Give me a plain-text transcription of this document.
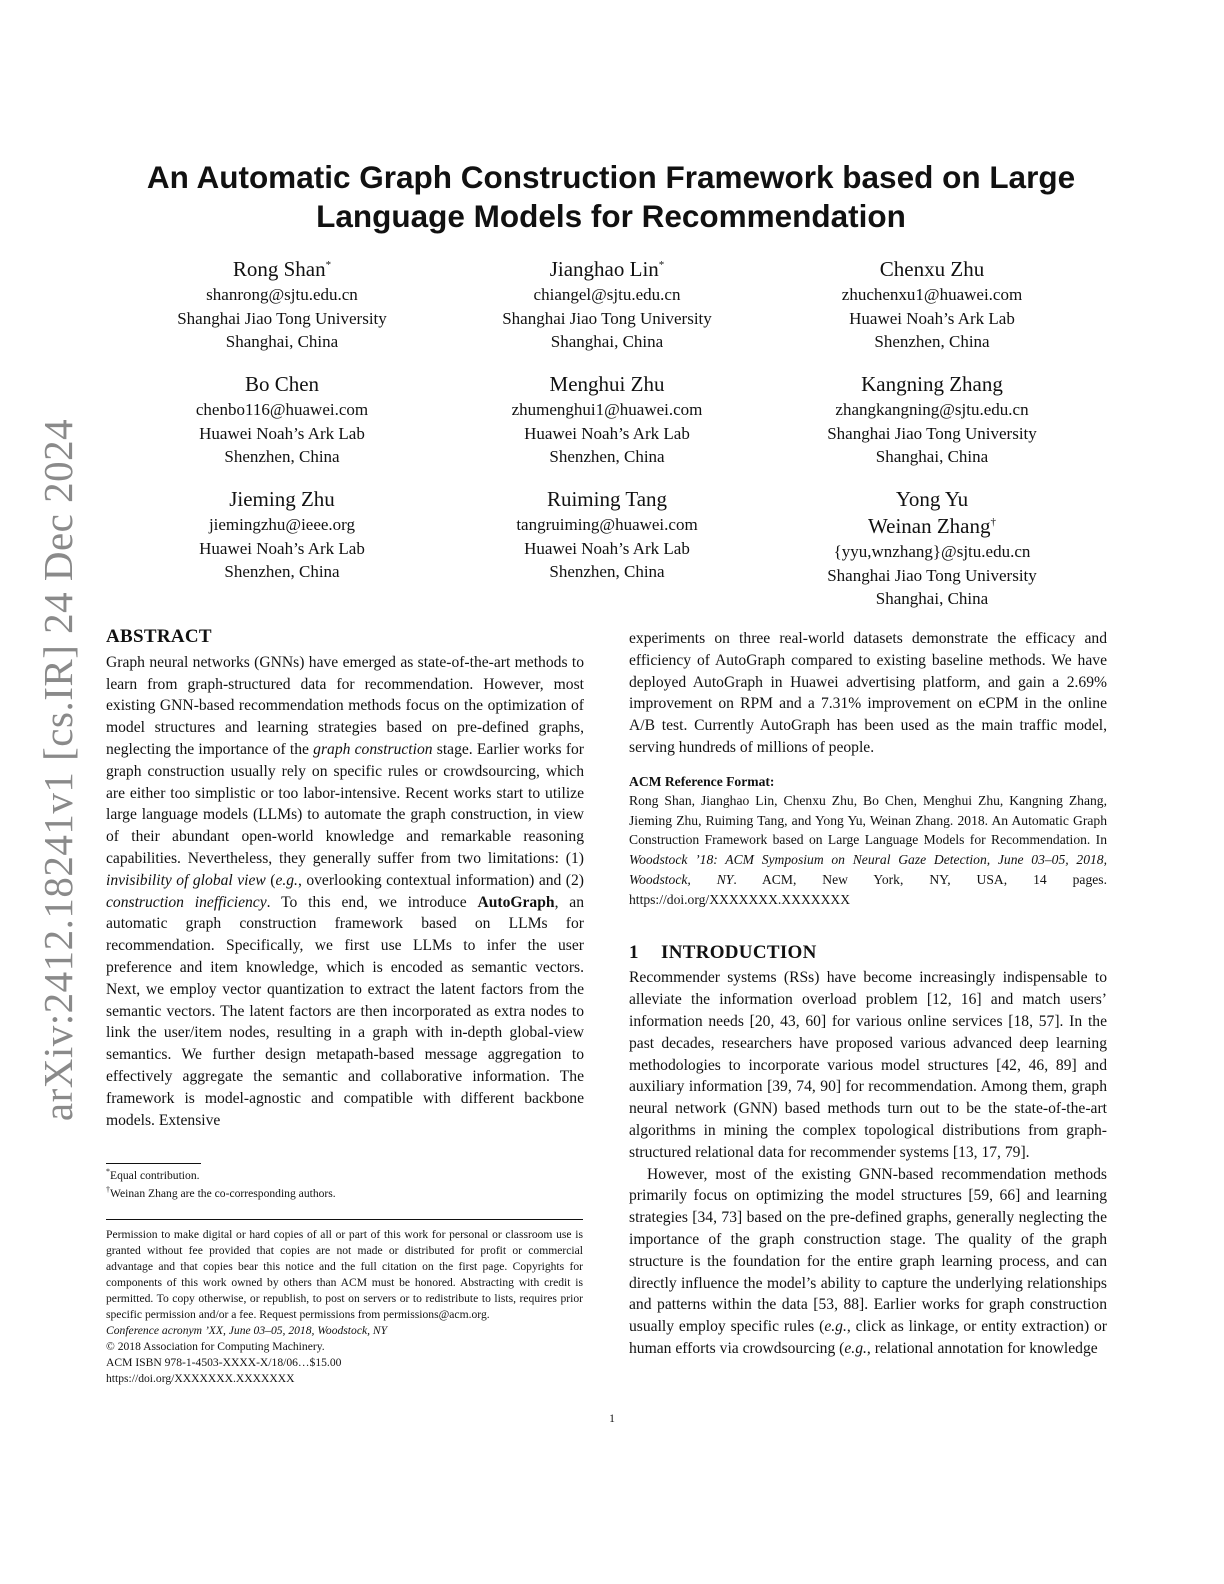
arXiv:2412.18241v1 [cs.IR] 24 Dec 2024
An Automatic Graph Construction Framework based on Large Language Models for Recommendation
Rong Shan*
shanrong@sjtu.edu.cn
Shanghai Jiao Tong University
Shanghai, China
Jianghao Lin*
chiangel@sjtu.edu.cn
Shanghai Jiao Tong University
Shanghai, China
Chenxu Zhu
zhuchenxu1@huawei.com
Huawei Noah’s Ark Lab
Shenzhen, China
Bo Chen
chenbo116@huawei.com
Huawei Noah’s Ark Lab
Shenzhen, China
Menghui Zhu
zhumenghui1@huawei.com
Huawei Noah’s Ark Lab
Shenzhen, China
Kangning Zhang
zhangkangning@sjtu.edu.cn
Shanghai Jiao Tong University
Shanghai, China
Jieming Zhu
jiemingzhu@ieee.org
Huawei Noah’s Ark Lab
Shenzhen, China
Ruiming Tang
tangruiming@huawei.com
Huawei Noah’s Ark Lab
Shenzhen, China
Yong Yu
Weinan Zhang†
{yyu,wnzhang}@sjtu.edu.cn
Shanghai Jiao Tong University
Shanghai, China
ABSTRACT

Graph neural networks (GNNs) have emerged as state-of-the-art methods to learn from graph-structured data for recommendation. However, most existing GNN-based recommendation methods focus on the optimization of model structures and learning strategies based on pre-defined graphs, neglecting the importance of the graph construction stage. Earlier works for graph construction usually rely on specific rules or crowdsourcing, which are either too simplistic or too labor-intensive. Recent works start to utilize large language models (LLMs) to automate the graph construction, in view of their abundant open-world knowledge and remarkable reasoning capabilities. Nevertheless, they generally suffer from two limitations: (1) invisibility of global view (e.g., overlooking contextual information) and (2) construction inefficiency. To this end, we introduce AutoGraph, an automatic graph construction framework based on LLMs for recommendation. Specifically, we first use LLMs to infer the user preference and item knowledge, which is encoded as semantic vectors. Next, we employ vector quantization to extract the latent factors from the semantic vectors. The latent factors are then incorporated as extra nodes to link the user/item nodes, resulting in a graph with in-depth global-view semantics. We further design metapath-based message aggregation to effectively aggregate the semantic and collaborative information. The framework is model-agnostic and compatible with different backbone models. Extensive

*Equal contribution.
†Weinan Zhang are the co-corresponding authors.

Permission to make digital or hard copies of all or part of this work for personal or classroom use is granted without fee provided that copies are not made or distributed for profit or commercial advantage and that copies bear this notice and the full citation on the first page. Copyrights for components of this work owned by others than ACM must be honored. Abstracting with credit is permitted. To copy otherwise, or republish, to post on servers or to redistribute to lists, requires prior specific permission and/or a fee. Request permissions from permissions@acm.org.

Conference acronym ’XX, June 03–05, 2018, Woodstock, NY

© 2018 Association for Computing Machinery.

ACM ISBN 978-1-4503-XXXX-X/18/06…$15.00

https://doi.org/XXXXXXX.XXXXXXX

experiments on three real-world datasets demonstrate the efficacy and efficiency of AutoGraph compared to existing baseline methods. We have deployed AutoGraph in Huawei advertising platform, and gain a 2.69% improvement on RPM and a 7.31% improvement on eCPM in the online A/B test. Currently AutoGraph has been used as the main traffic model, serving hundreds of millions of people.

ACM Reference Format:

Rong Shan, Jianghao Lin, Chenxu Zhu, Bo Chen, Menghui Zhu, Kangning Zhang, Jieming Zhu, Ruiming Tang, and Yong Yu, Weinan Zhang. 2018. An Automatic Graph Construction Framework based on Large Language Models for Recommendation. In Woodstock ’18: ACM Symposium on Neural Gaze Detection, June 03–05, 2018, Woodstock, NY. ACM, New York, NY, USA, 14 pages. https://doi.org/XXXXXXX.XXXXXXX

1 INTRODUCTION

Recommender systems (RSs) have become increasingly indispensable to alleviate the information overload problem [12, 16] and match users’ information needs [20, 43, 60] for various online services [18, 57]. In the past decades, researchers have proposed various advanced deep learning methodologies to incorporate various model structures [42, 46, 89] and auxiliary information [39, 74, 90] for recommendation. Among them, graph neural network (GNN) based methods turn out to be the state-of-the-art algorithms in mining the complex topological distributions from graph-structured relational data for recommender systems [13, 17, 79].

However, most of the existing GNN-based recommendation methods primarily focus on optimizing the model structures [59, 66] and learning strategies [34, 73] based on the pre-defined graphs, generally neglecting the importance of the graph construction stage. The quality of the graph structure is the foundation for the entire graph learning process, and can directly influence the model’s ability to capture the underlying relationships and patterns within the data [53, 88]. Earlier works for graph construction usually employ specific rules (e.g., click as linkage, or entity extraction) or human efforts via crowdsourcing (e.g., relational annotation for knowledge

1
